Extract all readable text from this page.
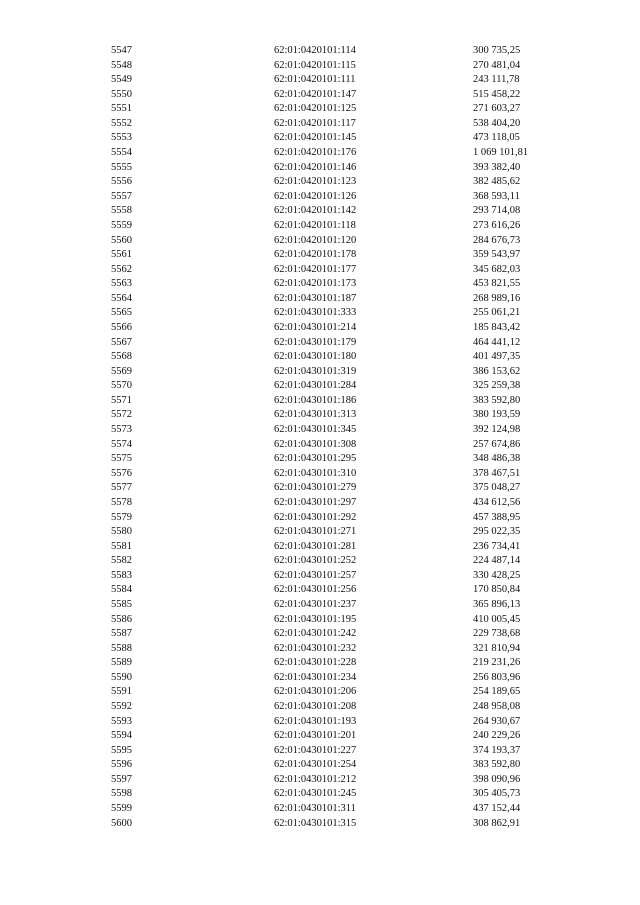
5547	62:01:0420101:114	300 735,25
5548	62:01:0420101:115	270 481,04
5549	62:01:0420101:111	243 111,78
5550	62:01:0420101:147	515 458,22
5551	62:01:0420101:125	271 603,27
5552	62:01:0420101:117	538 404,20
5553	62:01:0420101:145	473 118,05
5554	62:01:0420101:176	1 069 101,81
5555	62:01:0420101:146	393 382,40
5556	62:01:0420101:123	382 485,62
5557	62:01:0420101:126	368 593,11
5558	62:01:0420101:142	293 714,08
5559	62:01:0420101:118	273 616,26
5560	62:01:0420101:120	284 676,73
5561	62:01:0420101:178	359 543,97
5562	62:01:0420101:177	345 682,03
5563	62:01:0420101:173	453 821,55
5564	62:01:0430101:187	268 989,16
5565	62:01:0430101:333	255 061,21
5566	62:01:0430101:214	185 843,42
5567	62:01:0430101:179	464 441,12
5568	62:01:0430101:180	401 497,35
5569	62:01:0430101:319	386 153,62
5570	62:01:0430101:284	325 259,38
5571	62:01:0430101:186	383 592,80
5572	62:01:0430101:313	380 193,59
5573	62:01:0430101:345	392 124,98
5574	62:01:0430101:308	257 674,86
5575	62:01:0430101:295	348 486,38
5576	62:01:0430101:310	378 467,51
5577	62:01:0430101:279	375 048,27
5578	62:01:0430101:297	434 612,56
5579	62:01:0430101:292	457 388,95
5580	62:01:0430101:271	295 022,35
5581	62:01:0430101:281	236 734,41
5582	62:01:0430101:252	224 487,14
5583	62:01:0430101:257	330 428,25
5584	62:01:0430101:256	170 850,84
5585	62:01:0430101:237	365 896,13
5586	62:01:0430101:195	410 005,45
5587	62:01:0430101:242	229 738,68
5588	62:01:0430101:232	321 810,94
5589	62:01:0430101:228	219 231,26
5590	62:01:0430101:234	256 803,96
5591	62:01:0430101:206	254 189,65
5592	62:01:0430101:208	248 958,08
5593	62:01:0430101:193	264 930,67
5594	62:01:0430101:201	240 229,26
5595	62:01:0430101:227	374 193,37
5596	62:01:0430101:254	383 592,80
5597	62:01:0430101:212	398 090,96
5598	62:01:0430101:245	305 405,73
5599	62:01:0430101:311	437 152,44
5600	62:01:0430101:315	308 862,91
